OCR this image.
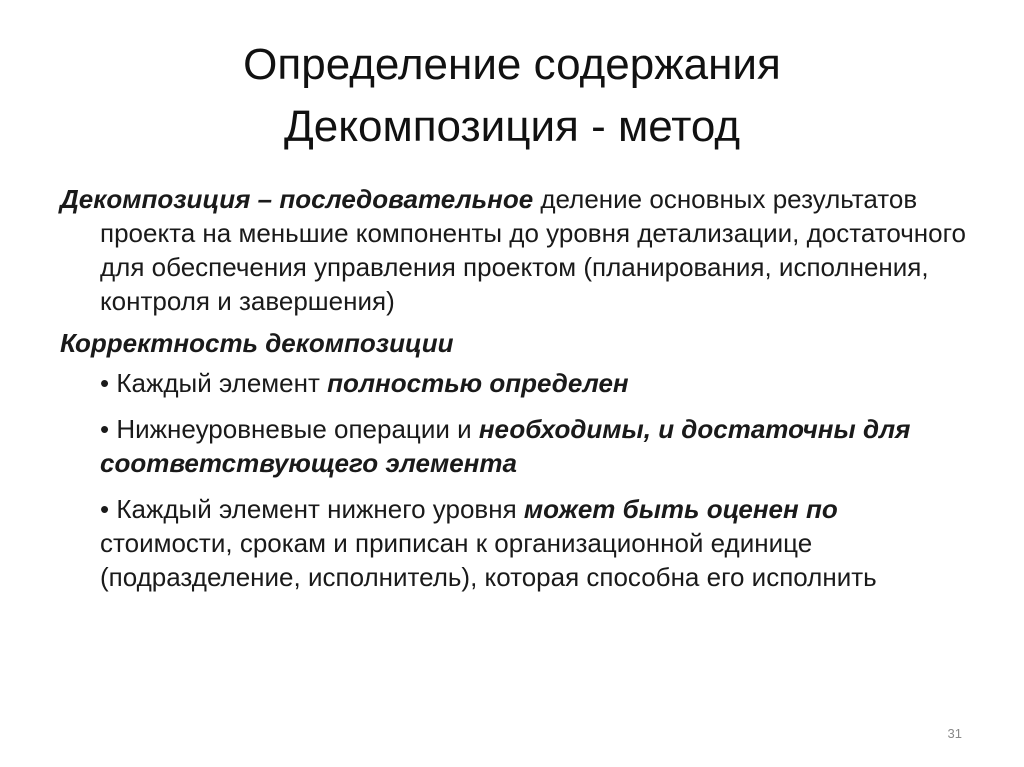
Определение содержания
Декомпозиция - метод

Декомпозиция – последовательное деление основных результатов проекта на меньшие компоненты до уровня детализации, достаточного для обеспечения управления проектом (планирования, исполнения, контроля и завершения)

Корректность декомпозиции

• Каждый элемент полностью определен
• Нижнеуровневые операции и необходимы, и достаточны для соответствующего элемента
• Каждый элемент нижнего уровня может быть оценен по стоимости, срокам и приписан к организационной единице (подразделение, исполнитель), которая способна его исполнить
31
